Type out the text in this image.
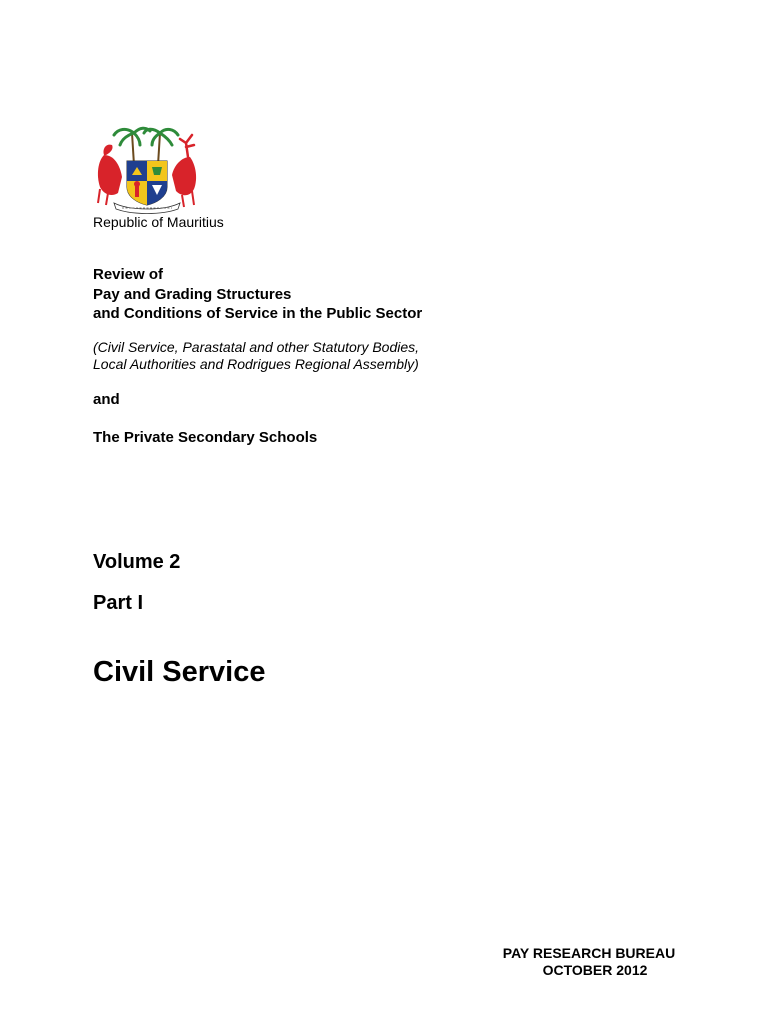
Republic of Mauritius

Review of
Pay and Grading Structures
and Conditions of Service in the Public Sector
(Civil Service, Parastatal and other Statutory Bodies,
Local Authorities and Rodrigues Regional Assembly)

and

The Private Secondary Schools

Volume 2

Part I

Civil Service

PAY RESEARCH BUREAU
OCTOBER 2012
